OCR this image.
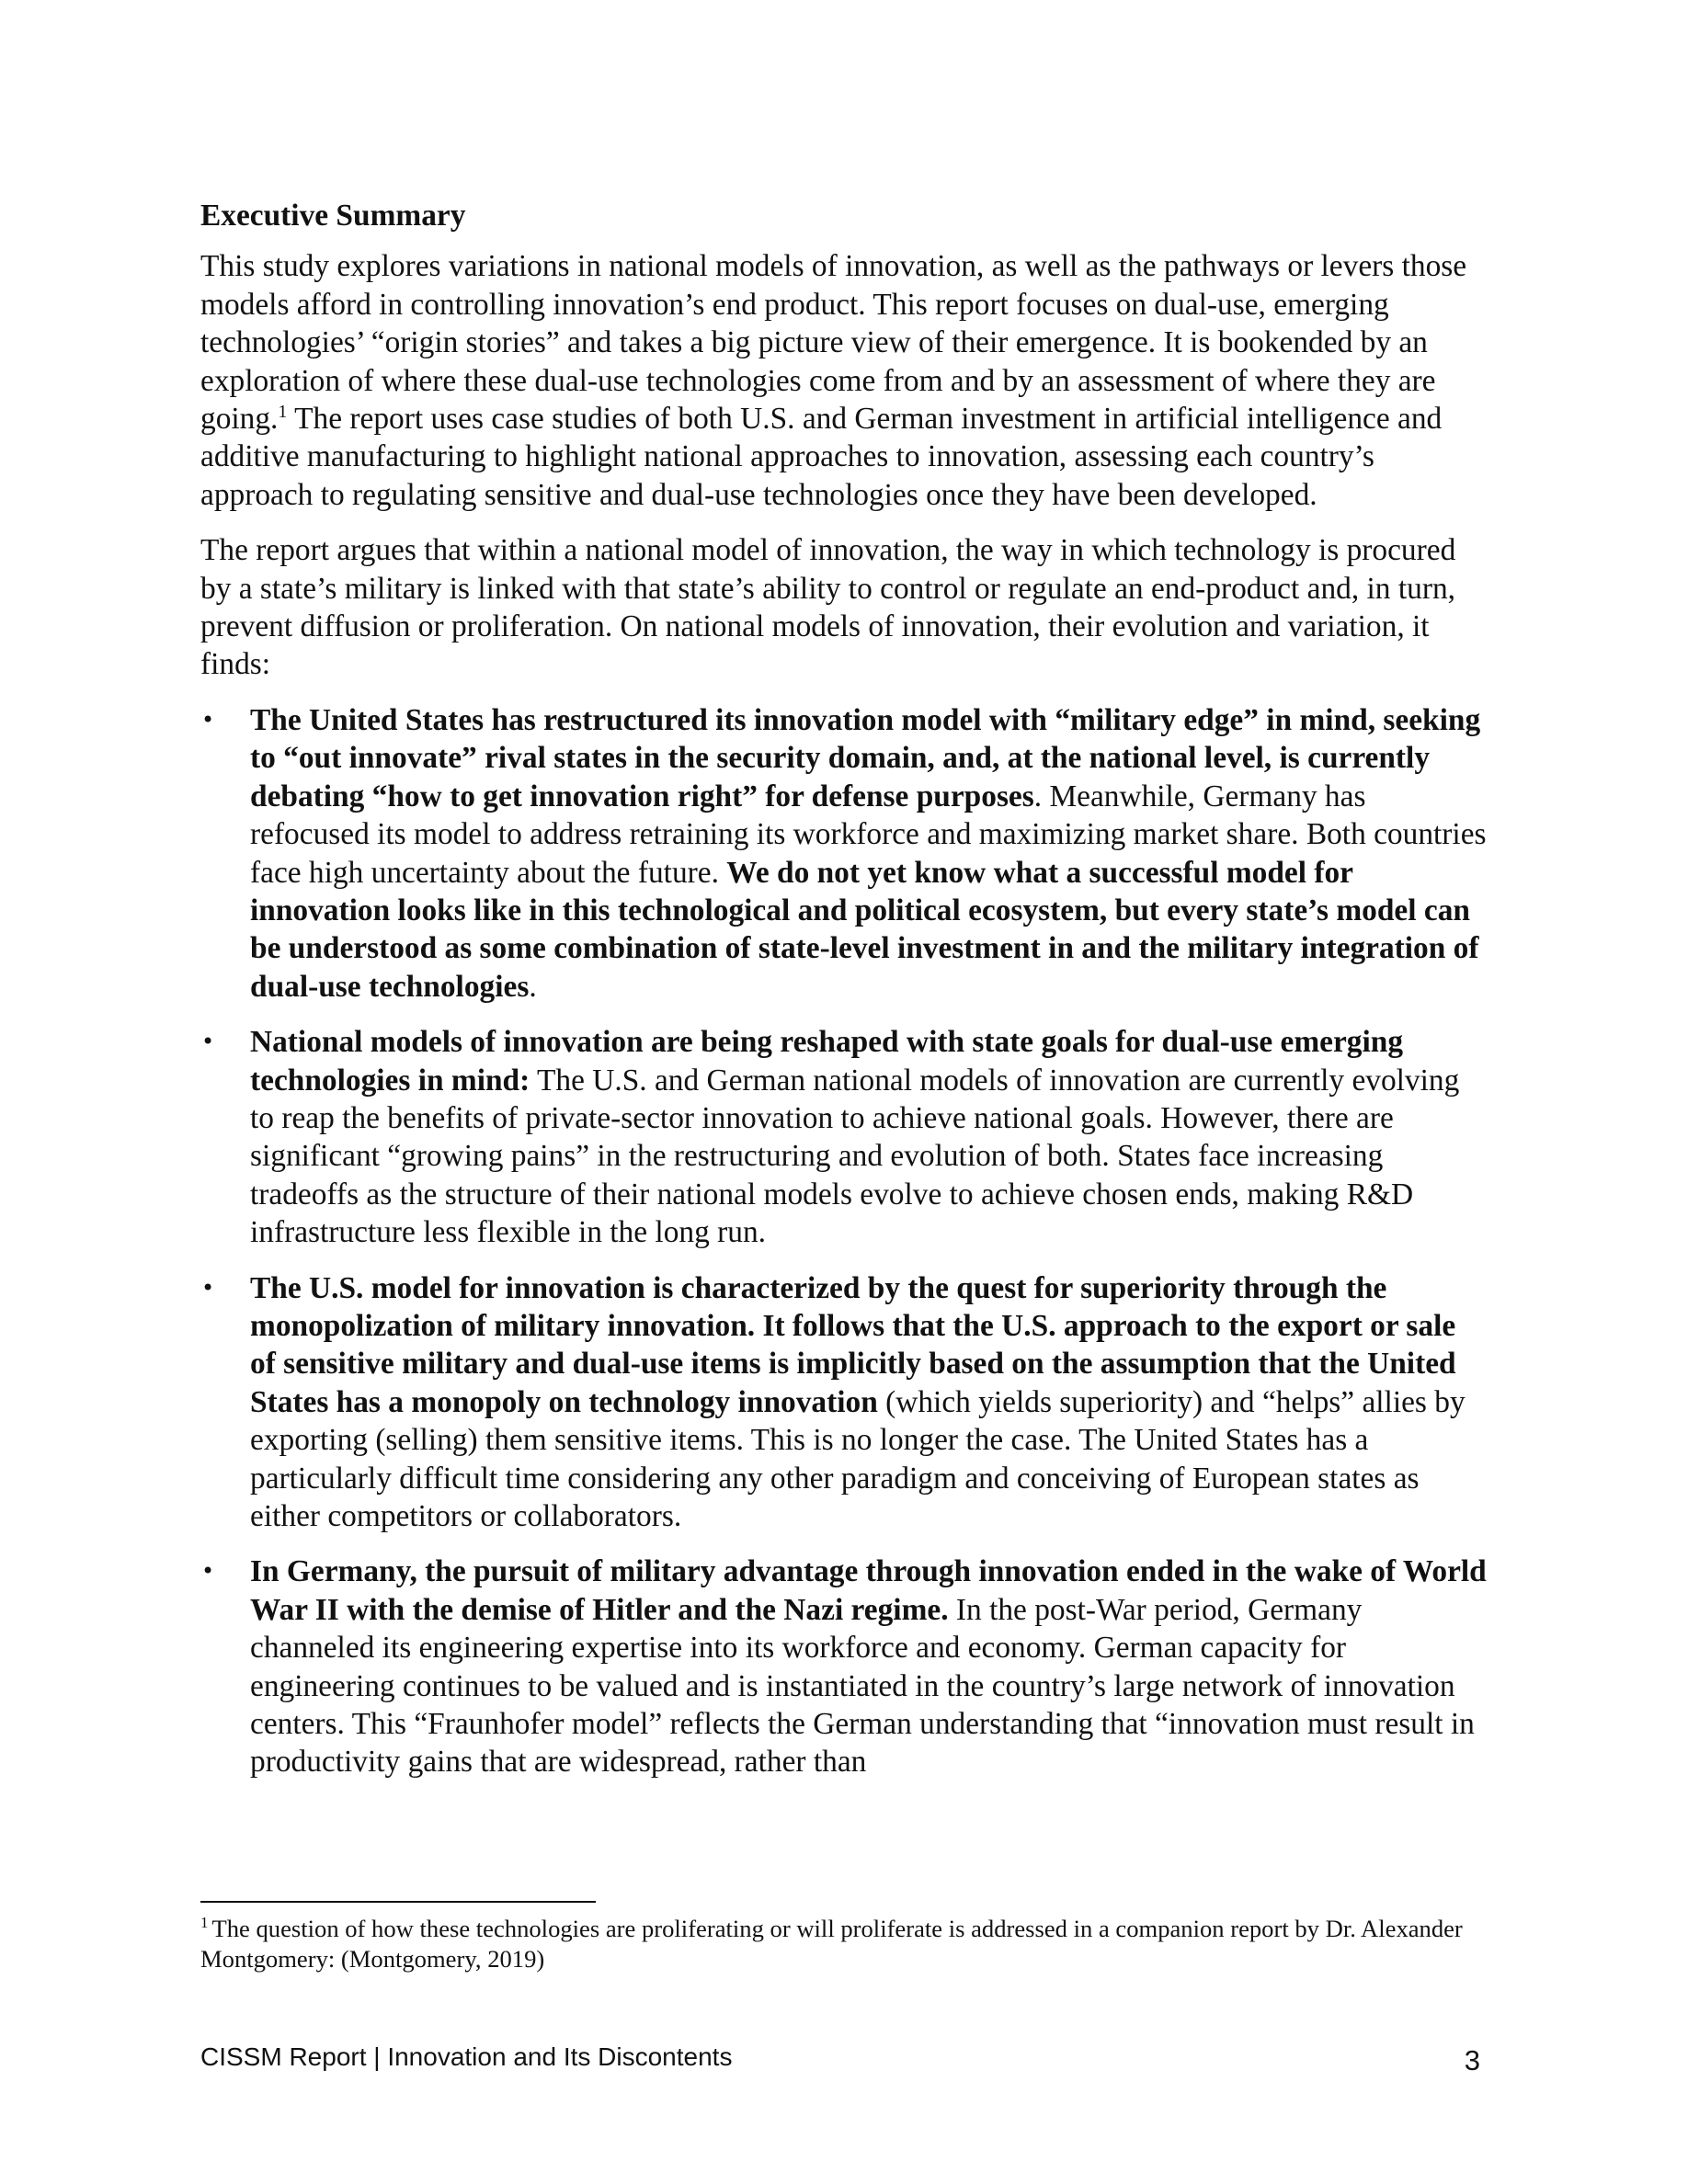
Executive Summary

This study explores variations in national models of innovation, as well as the pathways or levers those models afford in controlling innovation’s end product. This report focuses on dual-use, emerging technologies’ “origin stories” and takes a big picture view of their emergence. It is bookended by an exploration of where these dual-use technologies come from and by an assessment of where they are going.$^1$ The report uses case studies of both U.S. and German investment in artificial intelligence and additive manufacturing to highlight national approaches to innovation, assessing each country’s approach to regulating sensitive and dual-use technologies once they have been developed.

The report argues that within a national model of innovation, the way in which technology is procured by a state’s military is linked with that state’s ability to control or regulate an end-product and, in turn, prevent diffusion or proliferation. On national models of innovation, their evolution and variation, it finds:

• The United States has restructured its innovation model with “military edge” in mind, seeking to “out innovate” rival states in the security domain, and, at the national level, is currently debating “how to get innovation right” for defense purposes. Meanwhile, Germany has refocused its model to address retraining its workforce and maximizing market share. Both countries face high uncertainty about the future. We do not yet know what a successful model for innovation looks like in this technological and political ecosystem, but every state’s model can be understood as some combination of state-level investment in and the military integration of dual-use technologies.
• National models of innovation are being reshaped with state goals for dual-use emerging technologies in mind: The U.S. and German national models of innovation are currently evolving to reap the benefits of private-sector innovation to achieve national goals. However, there are significant “growing pains” in the restructuring and evolution of both. States face increasing tradeoffs as the structure of their national models evolve to achieve chosen ends, making R&D infrastructure less flexible in the long run.
• The U.S. model for innovation is characterized by the quest for superiority through the monopolization of military innovation. It follows that the U.S. approach to the export or sale of sensitive military and dual-use items is implicitly based on the assumption that the United States has a monopoly on technology innovation (which yields superiority) and “helps” allies by exporting (selling) them sensitive items. This is no longer the case. The United States has a particularly difficult time considering any other paradigm and conceiving of European states as either competitors or collaborators.
• In Germany, the pursuit of military advantage through innovation ended in the wake of World War II with the demise of Hitler and the Nazi regime. In the post-War period, Germany channeled its engineering expertise into its workforce and economy. German capacity for engineering continues to be valued and is instantiated in the country’s large network of innovation centers. This “Fraunhofer model” reflects the German understanding that “innovation must result in productivity gains that are widespread, rather than
$^1$ The question of how these technologies are proliferating or will proliferate is addressed in a companion report by Dr. Alexander Montgomery: (Montgomery, 2019)
CISSM Report | Innovation and Its Discontents	3
